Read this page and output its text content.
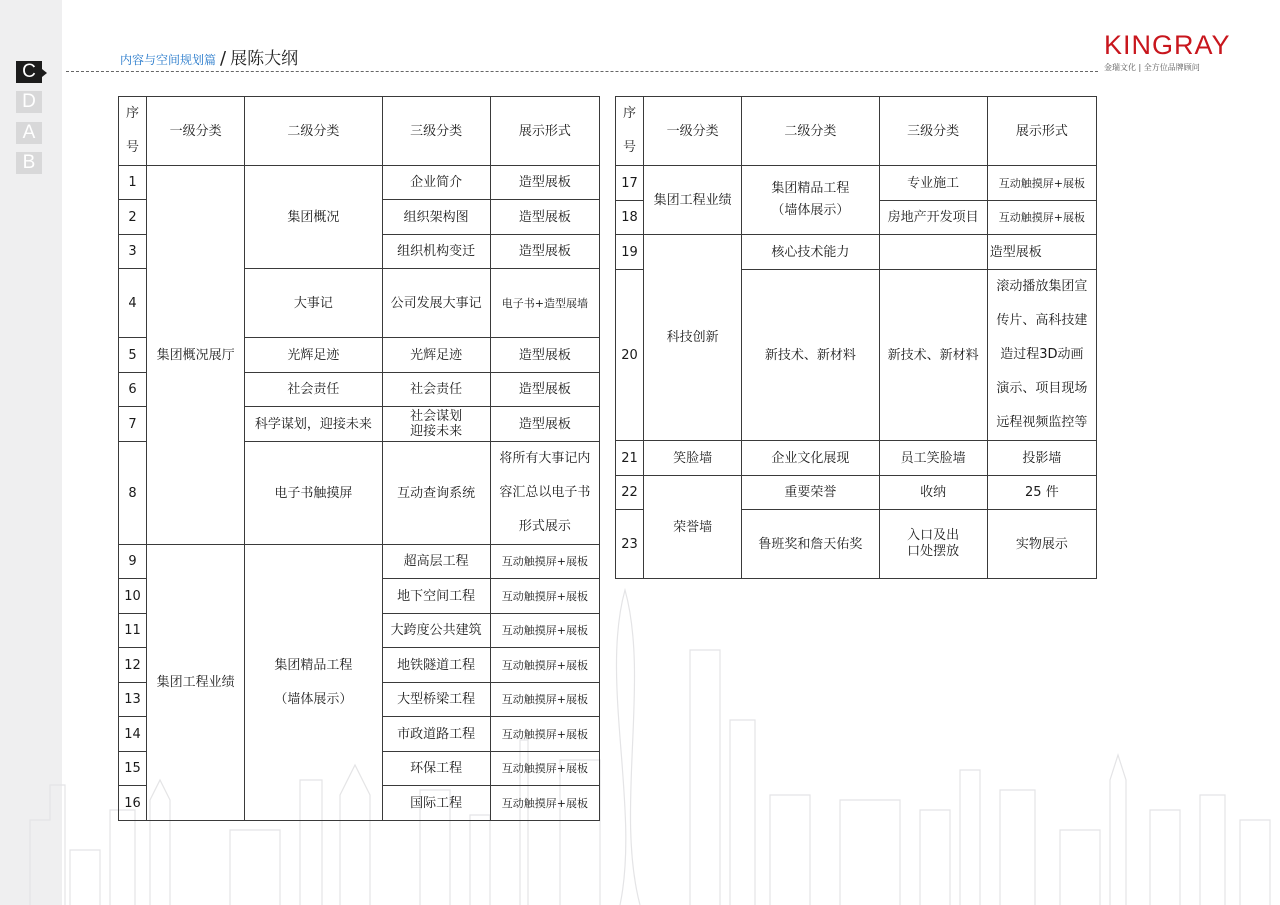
C
D
A
B
内容与空间规划篇 / 展陈大纲	KINGRAY
金瑞文化 | 全方位品牌顾问
序号	一级分类	二级分类	三级分类	展示形式
1	集团概况展厅	集团概况	企业简介	造型展板
2			组织架构图	造型展板
3			组织机构变迁	造型展板
4		大事记	公司发展大事记	电子书+造型展墙
5		光辉足迹	光辉足迹	造型展板
6		社会责任	社会责任	造型展板
7		科学谋划，迎接未来	社会谋划
迎接未来	造型展板
8		电子书触摸屏	互动查询系统	将所有大事记内容汇总以电子书形式展示
9	集团工程业绩	集团精品工程
（墙体展示）	超高层工程	互动触摸屏+展板
10			地下空间工程	互动触摸屏+展板
11			大跨度公共建筑	互动触摸屏+展板
12			地铁隧道工程	互动触摸屏+展板
13			大型桥梁工程	互动触摸屏+展板
14			市政道路工程	互动触摸屏+展板
15			环保工程	互动触摸屏+展板
16			国际工程	互动触摸屏+展板
序号	一级分类	二级分类	三级分类	展示形式
17	集团工程业绩	集团精品工程
（墙体展示）	专业施工	互动触摸屏+展板
18			房地产开发项目	互动触摸屏+展板
19	科技创新	核心技术能力		造型展板
20		新技术、新材料	新技术、新材料	滚动播放集团宣传片、高科技建造过程3D动画演示、项目现场远程视频监控等
21	笑脸墙	企业文化展现	员工笑脸墙	投影墙
22	荣誉墙	重要荣誉	收纳	25 件
23		鲁班奖和詹天佑奖	入口及出
口处摆放	实物展示
